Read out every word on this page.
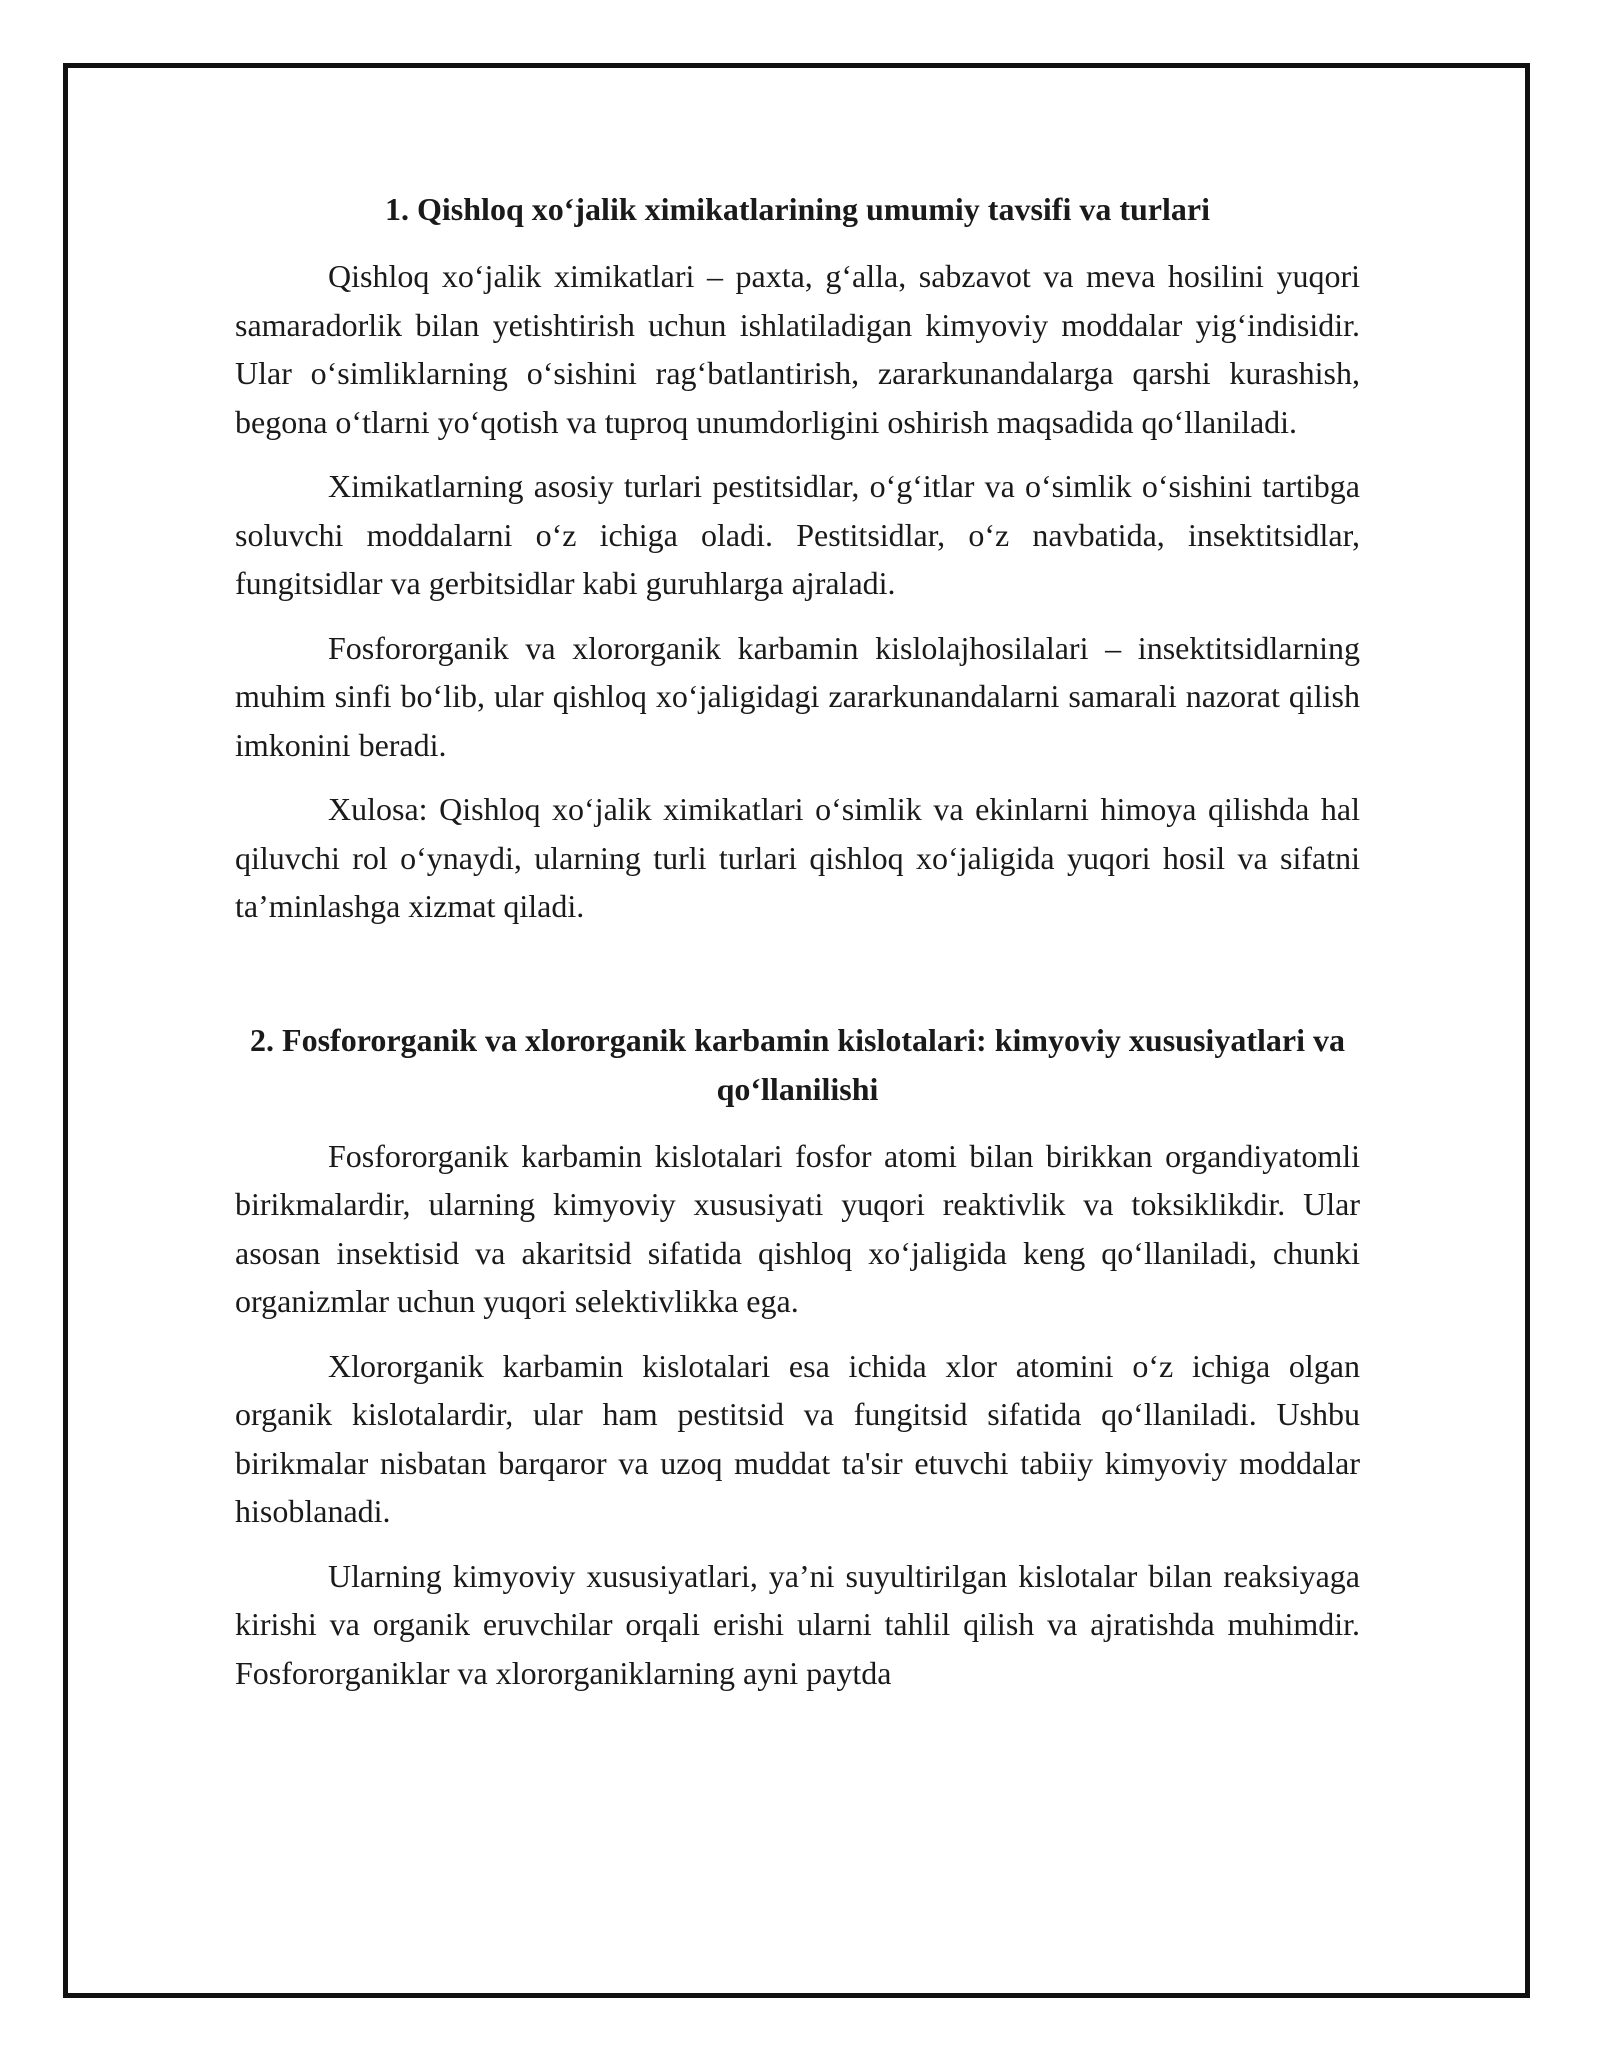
1. Qishloq xo‘jalik ximikatlarining umumiy tavsifi va turlari

Qishloq xo‘jalik ximikatlari – paxta, g‘alla, sabzavot va meva hosilini yuqori samaradorlik bilan yetishtirish uchun ishlatiladigan kimyoviy moddalar yig‘indisidir. Ular o‘simliklarning o‘sishini rag‘batlantirish, zararkunandalarga qarshi kurashish, begona o‘tlarni yo‘qotish va tuproq unumdorligini oshirish maqsadida qo‘llaniladi.

Ximikatlarning asosiy turlari pestitsidlar, o‘g‘itlar va o‘simlik o‘sishini tartibga soluvchi moddalarni o‘z ichiga oladi. Pestitsidlar, o‘z navbatida, insektitsidlar, fungitsidlar va gerbitsidlar kabi guruhlarga ajraladi.

Fosfororganik va xlororganik karbamin kislolajhosilalari – insektitsidlarning muhim sinfi bo‘lib, ular qishloq xo‘jaligidagi zararkunandalarni samarali nazorat qilish imkonini beradi.

Xulosa: Qishloq xo‘jalik ximikatlari o‘simlik va ekinlarni himoya qilishda hal qiluvchi rol o‘ynaydi, ularning turli turlari qishloq xo‘jaligida yuqori hosil va sifatni ta’minlashga xizmat qiladi.

2. Fosfororganik va xlororganik karbamin kislotalari: kimyoviy xususiyatlari va qo‘llanilishi

Fosfororganik karbamin kislotalari fosfor atomi bilan birikkan organdiyatomli birikmalardir, ularning kimyoviy xususiyati yuqori reaktivlik va toksiklikdir. Ular asosan insektisid va akaritsid sifatida qishloq xo‘jaligida keng qo‘llaniladi, chunki organizmlar uchun yuqori selektivlikka ega.

Xlororganik karbamin kislotalari esa ichida xlor atomini o‘z ichiga olgan organik kislotalardir, ular ham pestitsid va fungitsid sifatida qo‘llaniladi. Ushbu birikmalar nisbatan barqaror va uzoq muddat ta'sir etuvchi tabiiy kimyoviy moddalar hisoblanadi.

Ularning kimyoviy xususiyatlari, ya’ni suyultirilgan kislotalar bilan reaksiyaga kirishi va organik eruvchilar orqali erishi ularni tahlil qilish va ajratishda muhimdir. Fosfororganiklar va xlororganiklarning ayni paytda
